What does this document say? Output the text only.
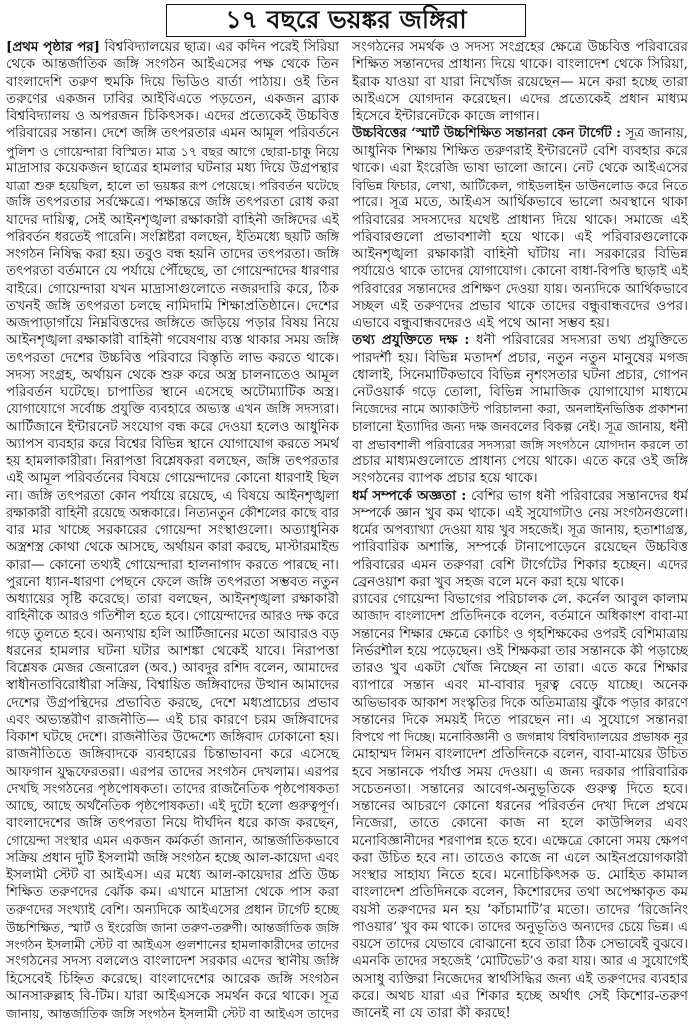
১৭ বছরে ভয়ঙ্কর জঙ্গিরা
[প্রথম পৃষ্ঠার পর] বিশ্ববিদ্যালয়ের ছাত্র। এর কদিন পরেই সিরিয়া
থেকে আন্তর্জাতিক জঙ্গি সংগঠন আইএসের পক্ষ থেকে তিন
বাংলাদেশি তরুণ হুমকি দিয়ে ভিডিও বার্তা পাঠায়। ওই তিন
তরুণের একজন ঢাবির আইবিএতে পড়তেন, একজন ব্র্যাক
বিশ্ববিদ্যালয় ও অপরজন চিকিৎসক। এদের প্রত্যেকেই উচ্চবিত্ত
পরিবারের সন্তান। দেশে জঙ্গি তৎপরতার এমন আমূল পরিবর্তনে
পুলিশ ও গোয়েন্দারা বিস্মিত। মাত্র ১৭ বছর আগে ছোরা-চাকু নিয়ে
মাদ্রাসার কয়েকজন ছাত্রের হামলার ঘটনার মধ্য দিয়ে উগ্রপন্থার
যাত্রা শুরু হয়েছিল, হালে তা ভয়ঙ্কর রূপ পেয়েছে। পরিবর্তন ঘটেছে
জঙ্গি তৎপরতার সর্বক্ষেত্রে। পক্ষান্তরে জঙ্গি তৎপরতা রোধ করা
যাদের দায়িত্ব, সেই আইনশৃঙ্খলা রক্ষাকারী বাহিনী জঙ্গিদের এই
পরিবর্তন ধরতেই পারেনি। সংশ্লিষ্টরা বলছেন, ইতিমধ্যে ছয়টি জঙ্গি
সংগঠন নিষিদ্ধ করা হয়। তবুও বন্ধ হয়নি তাদের তৎপরতা। জঙ্গি
তৎপরতা বর্তমানে যে পর্যায়ে পৌঁছেছে, তা গোয়েন্দাদের ধারণার
বাইরে। গোয়েন্দারা যখন মাদ্রাসাগুলোতে নজরদারি করে, ঠিক
তখনই জঙ্গি তৎপরতা চলছে নামিদামি শিক্ষাপ্রতিষ্ঠানে। দেশের
অজপাড়াগাঁয়ে নিম্নবিত্তদের জঙ্গিতে জড়িয়ে পড়ার বিষয় নিয়ে
আইনশৃঙ্খলা রক্ষাকারী বাহিনী গবেষণায় ব্যস্ত থাকার সময় জঙ্গি
তৎপরতা দেশের উচ্চবিত্ত পরিবারে বিস্তৃতি লাভ করতে থাকে।
সদস্য সংগ্রহ, অর্থায়ন থেকে শুরু করে অস্ত্র চালনাতেও আমূল
পরিবর্তন ঘটেছে। চাপাতির স্থানে এসেছে অটোম্যাটিক অস্ত্র।
যোগাযোগে সর্বোচ্চ প্রযুক্তি ব্যবহারে অভ্যস্ত এখন জঙ্গি সদস্যরা।
আর্টিজানে ইন্টারনেট সংযোগ বন্ধ করে দেওয়া হলেও আধুনিক
অ্যাপস ব্যবহার করে বিশ্বের বিভিন্ন স্থানে যোগাযোগ করতে সমর্থ
হয় হামলাকারীরা। নিরাপত্তা বিশ্লেষকরা বলছেন, জঙ্গি তৎপরতার
এই আমূল পরিবর্তনের বিষয়ে গোয়েন্দাদের কোনো ধারণাই ছিল
না। জঙ্গি তৎপরতা কোন পর্যায়ে রয়েছে, এ বিষয়ে আইনশৃঙ্খলা
রক্ষাকারী বাহিনী রয়েছে অন্ধকারে। নিত্যনতুন কৌশলের কাছে বার
বার মার খাচ্ছে সরকারের গোয়েন্দা সংস্থাগুলো। অত্যাধুনিক
অস্ত্রশস্ত্র কোথা থেকে আসছে, অর্থায়ন কারা করছে, মাস্টারমাইন্ড
কারা— কোনো তথ্যই গোয়েন্দারা হালনাগাদ করতে পারছে না।
পুরনো ধ্যান-ধারণা পেছনে ফেলে জঙ্গি তৎপরতা সম্ভবত নতুন
অধ্যায়ের সৃষ্টি করেছে। তারা বলছেন, আইনশৃঙ্খলা রক্ষাকারী
বাহিনীকে আরও গতিশীল হতে হবে। গোয়েন্দাদের আরও দক্ষ করে
গড়ে তুলতে হবে। অন্যথায় হলি আর্টিজানের মতো আবারও বড়
ধরনের হামলার ঘটনা ঘটার আশঙ্কা থেকেই যাবে। নিরাপত্তা
বিশ্লেষক মেজর জেনারেল (অব.) আবদুর রশিদ বলেন, আমাদের
স্বাধীনতাবিরোধীরা সক্রিয়, বিশ্বায়িত জঙ্গিবাদের উত্থান আমাদের
দেশের উগ্রপন্থিদের প্রভাবিত করছে, দেশে মধ্যপ্রাচ্যের প্রভাব
এবং অভ্যন্তরীণ রাজনীতি— এই চার কারণে চরম জঙ্গিবাদের
বিকাশ ঘটছে দেশে। রাজনীতির উদ্দেশ্যে জঙ্গিবাদ ঢোকানো হয়।
রাজনীতিতে জঙ্গিবাদকে ব্যবহারের চিন্তাভাবনা করে এসেছে
আফগান যুদ্ধফেরতরা। এরপর তাদের সংগঠন দেখলাম। এরপর
দেখছি সংগঠনের পৃষ্ঠপোষকতা। তাদের রাজনৈতিক পৃষ্ঠপোষকতা
আছে, আছে অর্থনৈতিক পৃষ্ঠপোষকতা। এই দুটো হলো গুরুত্বপূর্ণ।
বাংলাদেশের জঙ্গি তৎপরতা নিয়ে দীর্ঘদিন ধরে কাজ করছেন,
গোয়েন্দা সংস্থার এমন একজন কর্মকর্তা জানান, আন্তর্জাতিকভাবে
সক্রিয় প্রধান দুটি ইসলামী জঙ্গি সংগঠন হচ্ছে আল-কায়েদা এবং
ইসলামী স্টেট বা আইএস। এর মধ্যে আল-কায়েদার প্রতি উচ্চ
শিক্ষিত তরুণদের ঝোঁক কম। এখানে মাদ্রাসা থেকে পাস করা
তরুণদের সংখ্যাই বেশি। অন্যদিকে আইএসের প্রধান টার্গেট হচ্ছে
উচ্চশিক্ষিত, স্মার্ট ও ইংরেজি জানা তরুণ-তরুণী। আন্তর্জাতিক জঙ্গি
সংগঠন ইসলামী স্টেট বা আইএস গুলশানের হামলাকারীদের তাদের
সংগঠনের সদস্য বললেও বাংলাদেশ সরকার এদের স্থানীয় জঙ্গি
হিসেবেই চিহ্নিত করেছে। বাংলাদেশের আরেক জঙ্গি সংগঠন
আনসারুল্লাহ বি-টিম। যারা আইএসকে সমর্থন করে থাকে। সূত্র
জানায়, আন্তর্জাতিক জঙ্গি সংগঠন ইসলামী স্টেট বা আইএস তাদের
সংগঠনের সমর্থক ও সদস্য সংগ্রহের ক্ষেত্রে উচ্চবিত্ত পরিবারের
শিক্ষিত সন্তানদের প্রাধান্য দিয়ে থাকে। বাংলাদেশ থেকে সিরিয়া,
ইরাক যাওয়া বা যারা নিখোঁজ রয়েছেন— মনে করা হচ্ছে তারা
আইএসে যোগদান করেছেন। এদের প্রত্যেকেই প্রধান মাধ্যম
হিসেবে ইন্টারনেটকে কাজে লাগান।
উচ্চবিত্তের ‘স্মার্ট উচ্চশিক্ষিত সন্তানরা কেন টার্গেট : সূত্র জানায়,
আধুনিক শিক্ষায় শিক্ষিত তরুণরাই ইন্টারনেট বেশি ব্যবহার করে
থাকে। এরা ইংরেজি ভাষা ভালো জানে। নেট থেকে আইএসের
বিভিন্ন ফিচার, লেখা, আর্টিকেল, গাইডলাইন ডাউনলোড করে নিতে
পারে। সূত্র মতে, আইএস আর্থিকভাবে ভালো অবস্থানে থাকা
পরিবারের সদস্যদের যথেষ্ট প্রাধান্য দিয়ে থাকে। সমাজে এই
পরিবারগুলো প্রভাবশালী হয়ে থাকে। এই পরিবারগুলোকে
আইনশৃঙ্খলা রক্ষাকারী বাহিনী ঘাঁটায় না। সরকারের বিভিন্ন
পর্যায়েও থাকে তাদের যোগাযোগ। কোনো বাধা-বিপত্তি ছাড়াই এই
পরিবারের সন্তানদের প্রশিক্ষণ দেওয়া যায়। অন্যদিকে আর্থিকভাবে
সচ্ছল এই তরুণদের প্রভাব থাকে তাদের বন্ধুবান্ধবদের ওপর।
এভাবে বন্ধুবান্ধবদেরও এই পথে আনা সম্ভব হয়।
তথ্য প্রযুক্তিতে দক্ষ : ধনী পরিবারের সদস্যরা তথ্য প্রযুক্তিতে
পারদর্শী হয়। বিভিন্ন মতাদর্শ প্রচার, নতুন নতুন মানুষের মগজ
ধোলাই, সিনেমাটিকভাবে বিভিন্ন নৃশংসতার ঘটনা প্রচার, গোপন
নেটওয়ার্ক গড়ে তোলা, বিভিন্ন সামাজিক যোগাযোগ মাধ্যমে
নিজেদের নামে অ্যাকাউন্ট পরিচালনা করা, অনলাইনভিত্তিক প্রকাশনা
চালানো ইত্যাদির জন্য দক্ষ জনবলের বিকল্প নেই। সূত্র জানায়, ধনী
বা প্রভাবশালী পরিবারের সদস্যরা জঙ্গি সংগঠনে যোগদান করলে তা
প্রচার মাধ্যমগুলোতে প্রাধান্য পেয়ে থাকে। এতে করে ওই জঙ্গি
সংগঠনের ব্যাপক প্রচার হয়ে থাকে।
ধর্ম সম্পর্কে অজ্ঞতা : বেশির ভাগ ধনী পরিবারের সন্তানদের ধর্ম
সম্পর্কে জ্ঞান খুব কম থাকে। এই সুযোগটাও নেয় সংগঠনগুলো।
ধর্মের অপব্যাখ্যা দেওয়া যায় খুব সহজেই। সূত্র জানায়, হতাশাগ্রস্ত,
পারিবারিক অশান্তি, সম্পর্কে টানাপোড়েনে রয়েছেন উচ্চবিত্ত
পরিবারের এমন তরুণরা বেশি টার্গেটের শিকার হচ্ছেন। এদের
ব্রেনওয়াশ করা খুব সহজ বলে মনে করা হয়ে থাকে।
র‌্যাবের গোয়েন্দা বিভাগের পরিচালক লে. কর্নেল আবুল কালাম
আজাদ বাংলাদেশ প্রতিদিনকে বলেন, বর্তমানে অধিকাংশ বাবা-মা
সন্তানের শিক্ষার ক্ষেত্রে কোচিং ও গৃহশিক্ষকের ওপরই বেশিমাত্রায়
নির্ভরশীল হয়ে পড়েছেন। ওই শিক্ষকরা তার সন্তানকে কী পড়াচ্ছে
তারও খুব একটা খোঁজ নিচ্ছেন না তারা। এতে করে শিক্ষার
ব্যাপারে সন্তান এবং মা-বাবার দূরত্ব বেড়ে যাচ্ছে। অনেক
অভিভাবক আকাশ সংস্কৃতির দিকে অতিমাত্রায় ঝুঁকে পড়ার কারণে
সন্তানের দিকে সময়ই দিতে পারছেন না। এ সুযোগে সন্তানরা
বিপথে পা দিচ্ছে। মনোবিজ্ঞানী ও জগন্নাথ বিশ্ববিদ্যালয়ের প্রভাষক নূর
মোহাম্মদ লিমন বাংলাদেশ প্রতিদিনকে বলেন, বাবা-মায়ের উচিত
হবে সন্তানকে পর্যাপ্ত সময় দেওয়া। এ জন্য দরকার পারিবারিক
সচেতনতা। সন্তানের আবেগ-অনুভূতিকে গুরুত্ব দিতে হবে।
সন্তানের আচরণে কোনো ধরনের পরিবর্তন দেখা দিলে প্রথমে
নিজেরা, তাতে কোনো কাজ না হলে কাউন্সিলর এবং
মনোবিজ্ঞানীদের শরণাপন্ন হতে হবে। এক্ষেত্রে কোনো সময় ক্ষেপণ
করা উচিত হবে না। তাতেও কাজে না এলে আইনপ্রয়োগকারী
সংস্থার সাহায্য নিতে হবে। মনোচিকিৎসক ড. মোহিত কামাল
বাংলাদেশ প্রতিদিনকে বলেন, কিশোরদের তথা অপেক্ষাকৃত কম
বয়সী তরুণদের মন হয় ‘কাঁচামাটি’র মতো। তাদের ‘রিজেনিং
পাওয়ার’ খুব কম থাকে। তাদের অনুভূতিও অন্যদের চেয়ে ভিন্ন। এ
বয়সে তাদের যেভাবে বোঝানো হবে তারা ঠিক সেভাবেই বুঝবে।
এমনকি তাদের সহজেই ‘মোটিভেট’ও করা যায়। আর এ সুযোগেই
অসাধু ব্যক্তিরা নিজেদের স্বার্থসিদ্ধির জন্য এই তরুণদের ব্যবহার
করে। অথচ যারা এর শিকার হচ্ছে অর্থাৎ সেই কিশোর-তরুণ
জানেই না যে তারা কী করছে!
